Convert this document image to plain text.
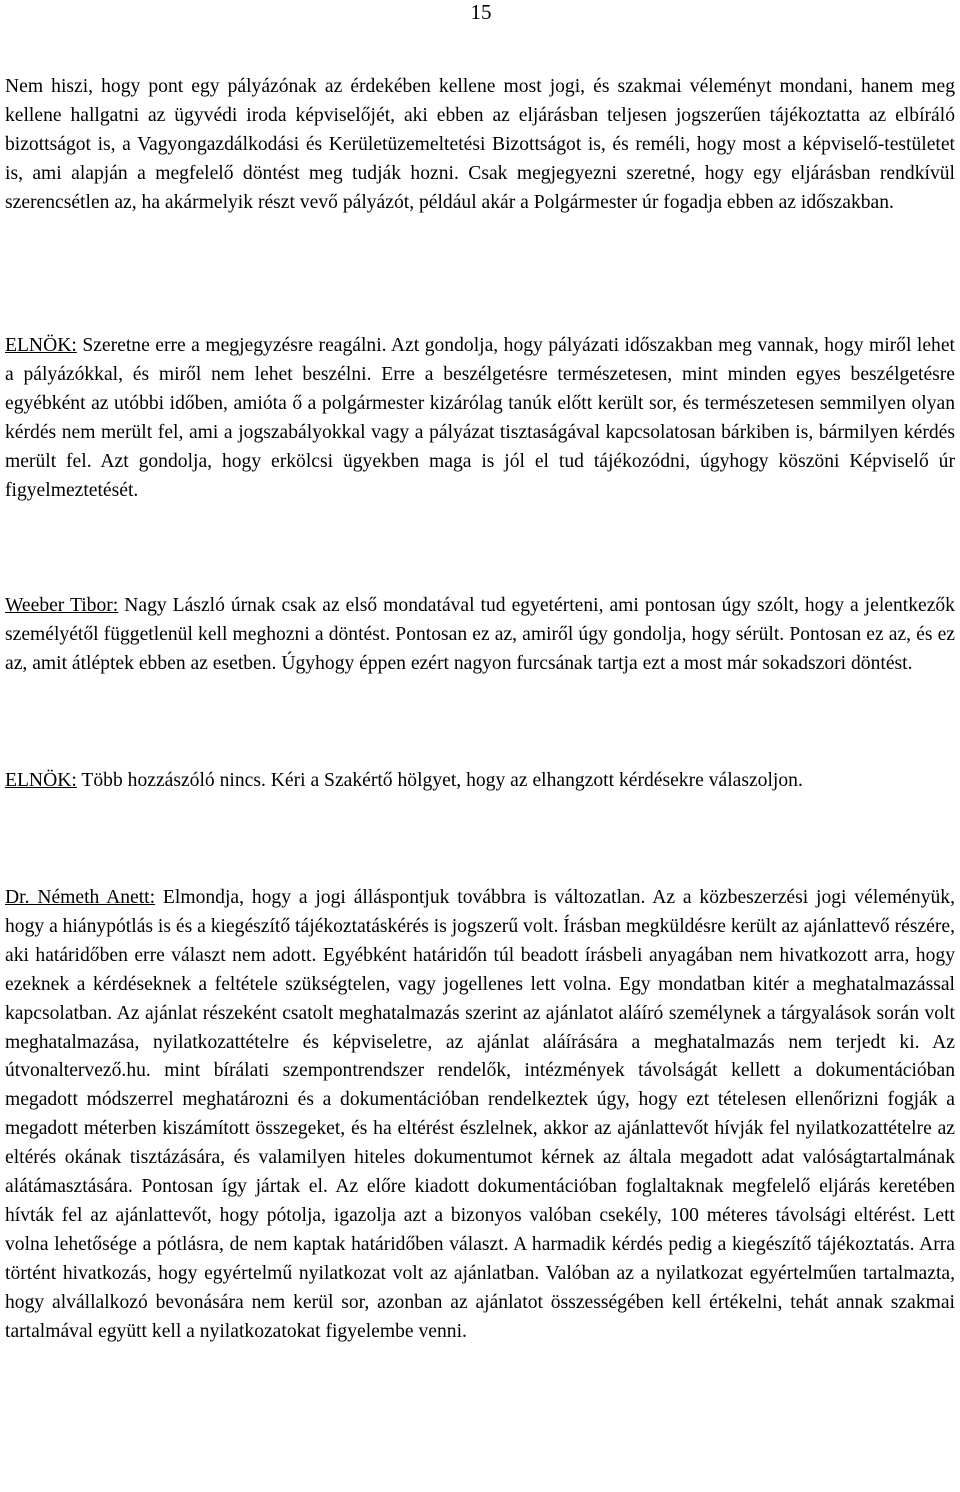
15

Nem hiszi, hogy pont egy pályázónak az érdekében kellene most jogi, és szakmai véleményt mondani, hanem meg kellene hallgatni az ügyvédi iroda képviselőjét, aki ebben az eljárásban teljesen jogszerűen tájékoztatta az elbíráló bizottságot is, a Vagyongazdálkodási és Kerületüzemeltetési Bizottságot is, és reméli, hogy most a képviselő-testületet is, ami alapján a megfelelő döntést meg tudják hozni. Csak megjegyezni szeretné, hogy egy eljárásban rendkívül szerencsétlen az, ha akármelyik részt vevő pályázót, például akár a Polgármester úr fogadja ebben az időszakban.

ELNÖK: Szeretne erre a megjegyzésre reagálni. Azt gondolja, hogy pályázati időszakban meg vannak, hogy miről lehet a pályázókkal, és miről nem lehet beszélni. Erre a beszélgetésre természetesen, mint minden egyes beszélgetésre egyébként az utóbbi időben, amióta ő a polgármester kizárólag tanúk előtt került sor, és természetesen semmilyen olyan kérdés nem merült fel, ami a jogszabályokkal vagy a pályázat tisztaságával kapcsolatosan bárkiben is, bármilyen kérdés merült fel. Azt gondolja, hogy erkölcsi ügyekben maga is jól el tud tájékozódni, úgyhogy köszöni Képviselő úr figyelmeztetését.

Weeber Tibor: Nagy László úrnak csak az első mondatával tud egyetérteni, ami pontosan úgy szólt, hogy a jelentkezők személyétől függetlenül kell meghozni a döntést. Pontosan ez az, amiről úgy gondolja, hogy sérült. Pontosan ez az, és ez az, amit átléptek ebben az esetben. Úgyhogy éppen ezért nagyon furcsának tartja ezt a most már sokadszori döntést.

ELNÖK: Több hozzászóló nincs. Kéri a Szakértő hölgyet, hogy az elhangzott kérdésekre válaszoljon.

Dr. Németh Anett: Elmondja, hogy a jogi álláspontjuk továbbra is változatlan. Az a közbeszerzési jogi véleményük, hogy a hiánypótlás is és a kiegészítő tájékoztatáskérés is jogszerű volt. Írásban megküldésre került az ajánlattevő részére, aki határidőben erre választ nem adott. Egyébként határidőn túl beadott írásbeli anyagában nem hivatkozott arra, hogy ezeknek a kérdéseknek a feltétele szükségtelen, vagy jogellenes lett volna. Egy mondatban kitér a meghatalmazással kapcsolatban. Az ajánlat részeként csatolt meghatalmazás szerint az ajánlatot aláíró személynek a tárgyalások során volt meghatalmazása, nyilatkozattételre és képviseletre, az ajánlat aláírására a meghatalmazás nem terjedt ki. Az útvonaltervező.hu. mint bírálati szempontrendszer rendelők, intézmények távolságát kellett a dokumentációban megadott módszerrel meghatározni és a dokumentációban rendelkeztek úgy, hogy ezt tételesen ellenőrizni fogják a megadott méterben kiszámított összegeket, és ha eltérést észlelnek, akkor az ajánlattevőt hívják fel nyilatkozattételre az eltérés okának tisztázására, és valamilyen hiteles dokumentumot kérnek az általa megadott adat valóságtartalmának alátámasztására. Pontosan így jártak el. Az előre kiadott dokumentációban foglaltaknak megfelelő eljárás keretében hívták fel az ajánlattevőt, hogy pótolja, igazolja azt a bizonyos valóban csekély, 100 méteres távolsági eltérést. Lett volna lehetősége a pótlásra, de nem kaptak határidőben választ. A harmadik kérdés pedig a kiegészítő tájékoztatás. Arra történt hivatkozás, hogy egyértelmű nyilatkozat volt az ajánlatban. Valóban az a nyilatkozat egyértelműen tartalmazta, hogy alvállalkozó bevonására nem kerül sor, azonban az ajánlatot összességében kell értékelni, tehát annak szakmai tartalmával együtt kell a nyilatkozatokat figyelembe venni.
